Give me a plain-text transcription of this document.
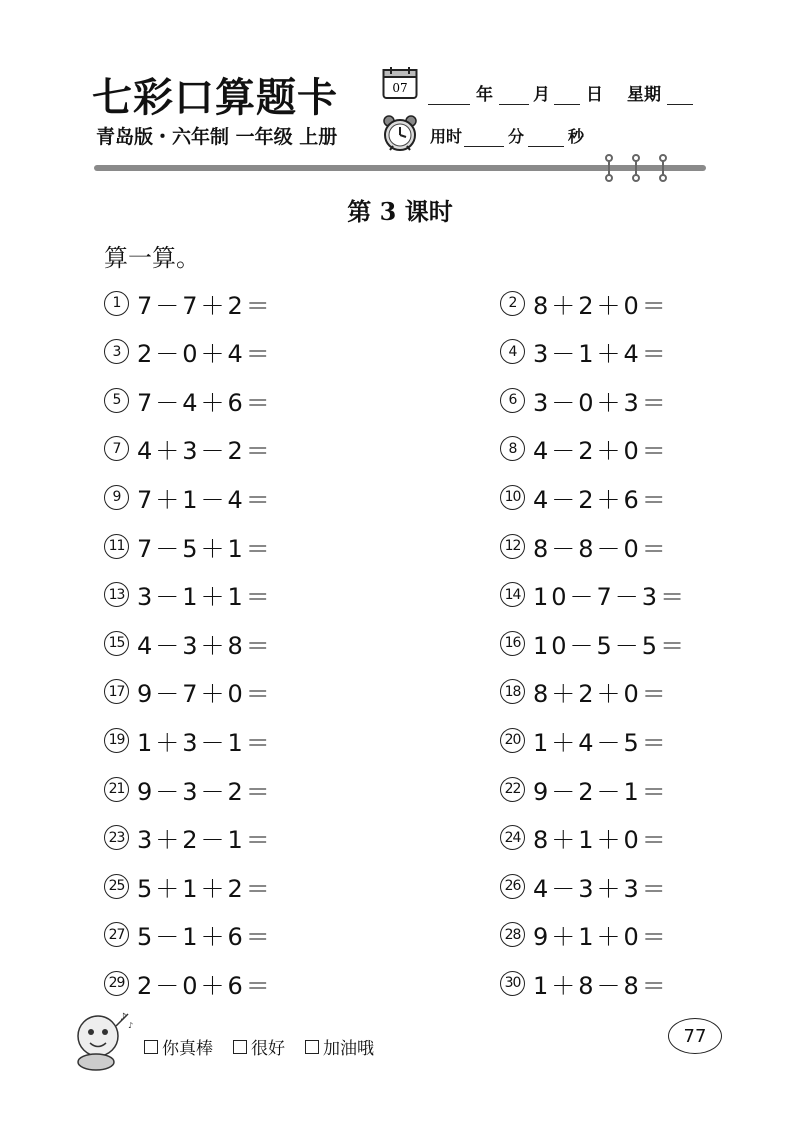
七彩口算题卡	07	年 月 日 星期
青岛版・六年制 一年级 上册	用时	分	秒
第 3 课时
算一算。
1 7－7＋2＝	2 8＋2＋0＝
3 2－0＋4＝	4 3－1＋4＝
5 7－4＋6＝	6 3－0＋3＝
7 4＋3－2＝	8 4－2＋0＝
9 7＋1－4＝	10 4－2＋6＝
11 7－5＋1＝	12 8－8－0＝
13 3－1＋1＝	14 10－7－3＝
15 4－3＋8＝	16 10－5－5＝
17 9－7＋0＝	18 8＋2＋0＝
19 1＋3－1＝	20 1＋4－5＝
21 9－3－2＝	22 9－2－1＝
23 3＋2－1＝	24 8＋1＋0＝
25 5＋1＋2＝	26 4－3＋3＝
27 5－1＋6＝	28 9＋1＋0＝
29 2－0＋6＝	30 1＋8－8＝
♪
♪
你真棒 很好 加油哦
77
